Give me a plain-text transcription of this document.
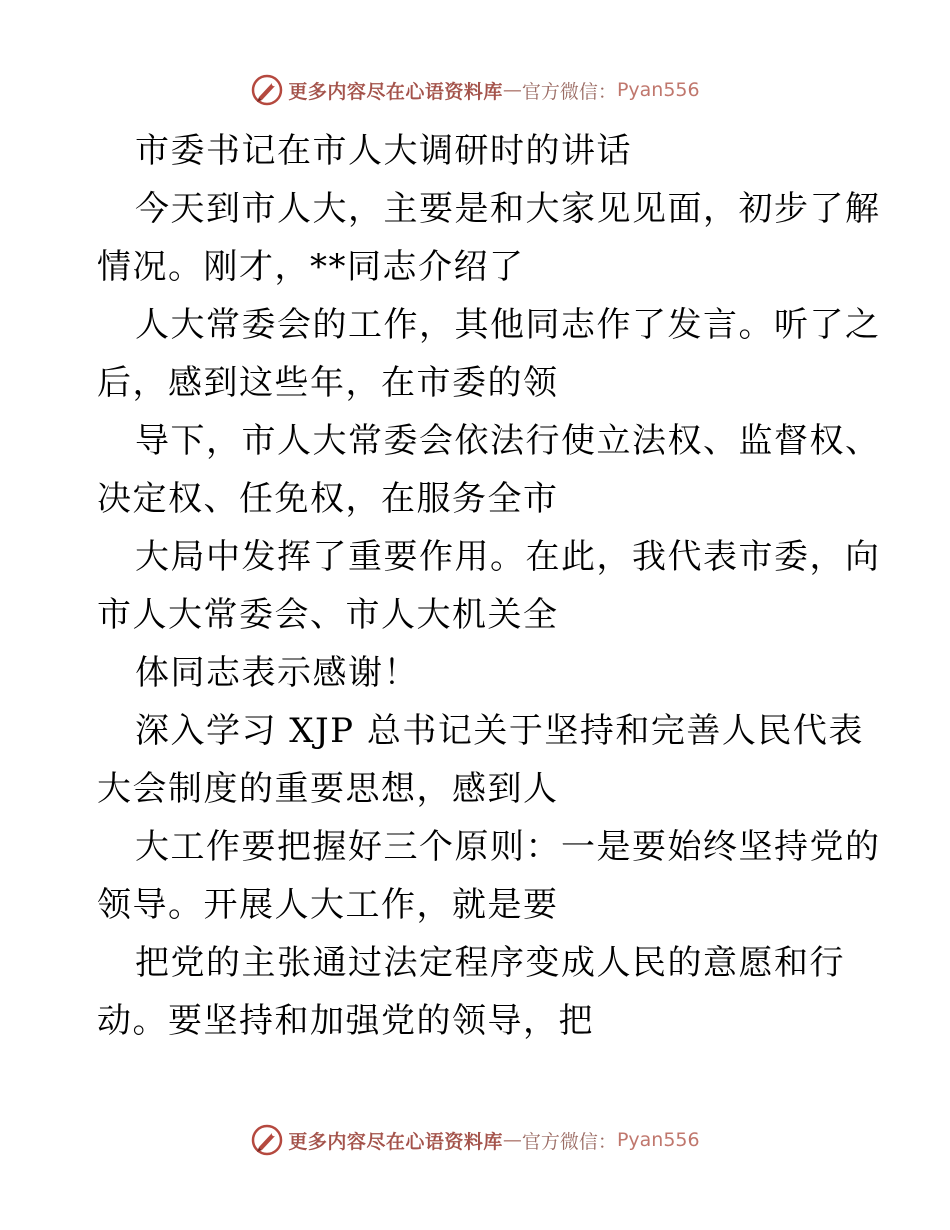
更多内容尽在心语资料库 — 官方微信： Pyan556
市委书记在市人大调研时的讲话
今天到市人大，主要是和大家见见面，初步了解
情况。刚才，**同志介绍了
人大常委会的工作，其他同志作了发言。听了之
后，感到这些年，在市委的领
导下，市人大常委会依法行使立法权、监督权、
决定权、任免权，在服务全市
大局中发挥了重要作用。在此，我代表市委，向
市人大常委会、市人大机关全
体同志表示感谢！
深入学习 XJP 总书记关于坚持和完善人民代表
大会制度的重要思想，感到人
大工作要把握好三个原则：一是要始终坚持党的
领导。开展人大工作，就是要
把党的主张通过法定程序变成人民的意愿和行
动。要坚持和加强党的领导，把
更多内容尽在心语资料库 — 官方微信： Pyan556
